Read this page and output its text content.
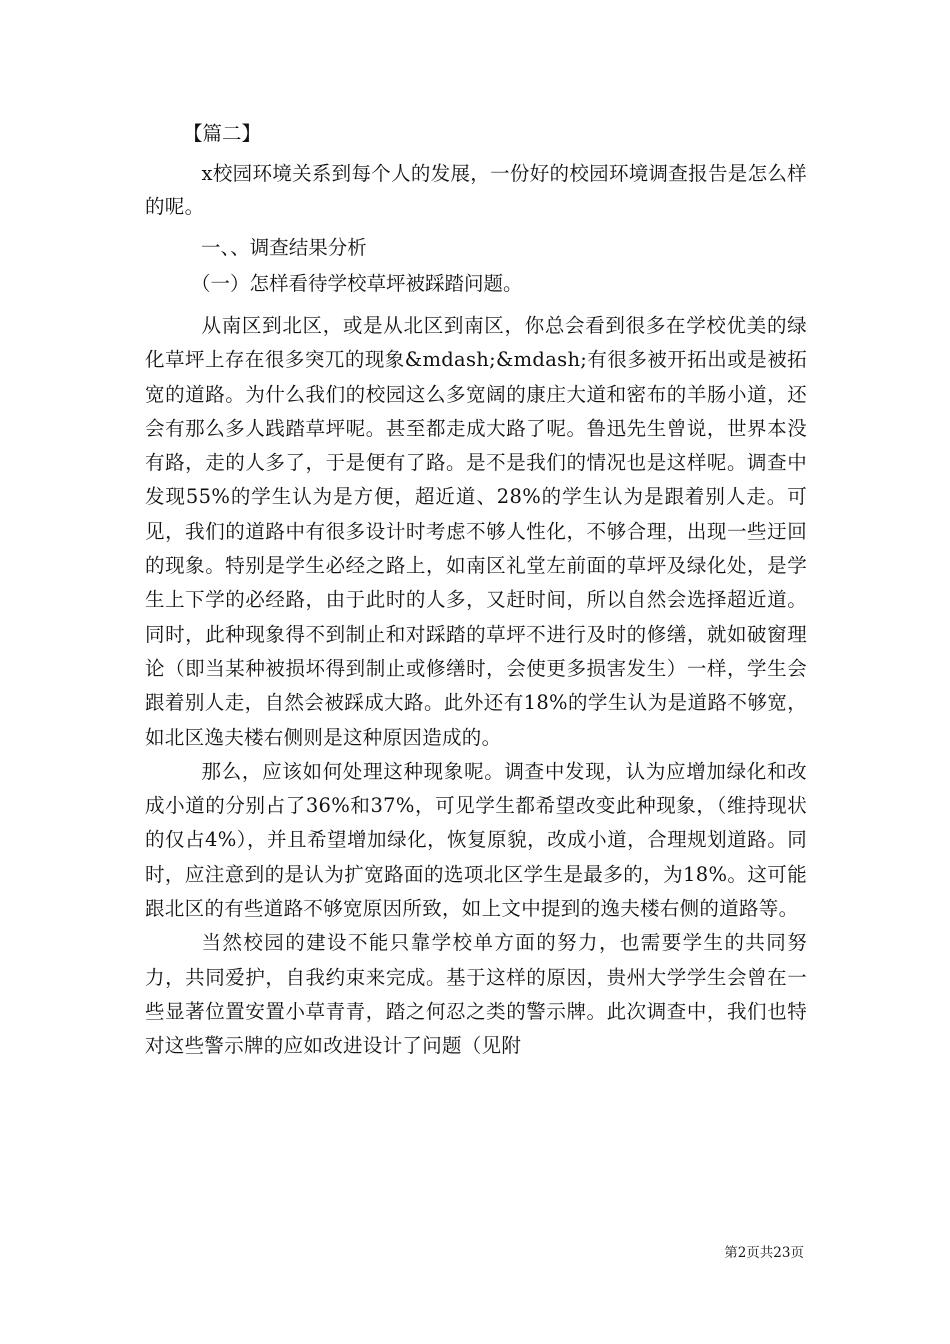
【篇二】

x校园环境关系到每个人的发展，一份好的校园环境调查报告是怎么样的呢。

一、、调查结果分析

（一）怎样看待学校草坪被踩踏问题。

从南区到北区，或是从北区到南区，你总会看到很多在学校优美的绿化草坪上存在很多突兀的现象&mdash;&mdash;有很多被开拓出或是被拓宽的道路。为什么我们的校园这么多宽阔的康庄大道和密布的羊肠小道，还会有那么多人践踏草坪呢。甚至都走成大路了呢。鲁迅先生曾说，世界本没有路，走的人多了，于是便有了路。是不是我们的情况也是这样呢。调查中发现55%的学生认为是方便，超近道、28%的学生认为是跟着别人走。可见，我们的道路中有很多设计时考虑不够人性化，不够合理，出现一些迂回的现象。特别是学生必经之路上，如南区礼堂左前面的草坪及绿化处，是学生上下学的必经路，由于此时的人多，又赶时间，所以自然会选择超近道。同时，此种现象得不到制止和对踩踏的草坪不进行及时的修缮，就如破窗理论（即当某种被损坏得到制止或修缮时，会使更多损害发生）一样，学生会跟着别人走，自然会被踩成大路。此外还有18%的学生认为是道路不够宽，如北区逸夫楼右侧则是这种原因造成的。

那么，应该如何处理这种现象呢。调查中发现，认为应增加绿化和改成小道的分别占了36%和37%，可见学生都希望改变此种现象，（维持现状的仅占4%），并且希望增加绿化，恢复原貌，改成小道，合理规划道路。同时，应注意到的是认为扩宽路面的选项北区学生是最多的，为18%。这可能跟北区的有些道路不够宽原因所致，如上文中提到的逸夫楼右侧的道路等。

当然校园的建设不能只靠学校单方面的努力，也需要学生的共同努力，共同爱护，自我约束来完成。基于这样的原因，贵州大学学生会曾在一些显著位置安置小草青青，踏之何忍之类的警示牌。此次调查中，我们也特对这些警示牌的应如改进设计了问题（见附

第2页共23页
